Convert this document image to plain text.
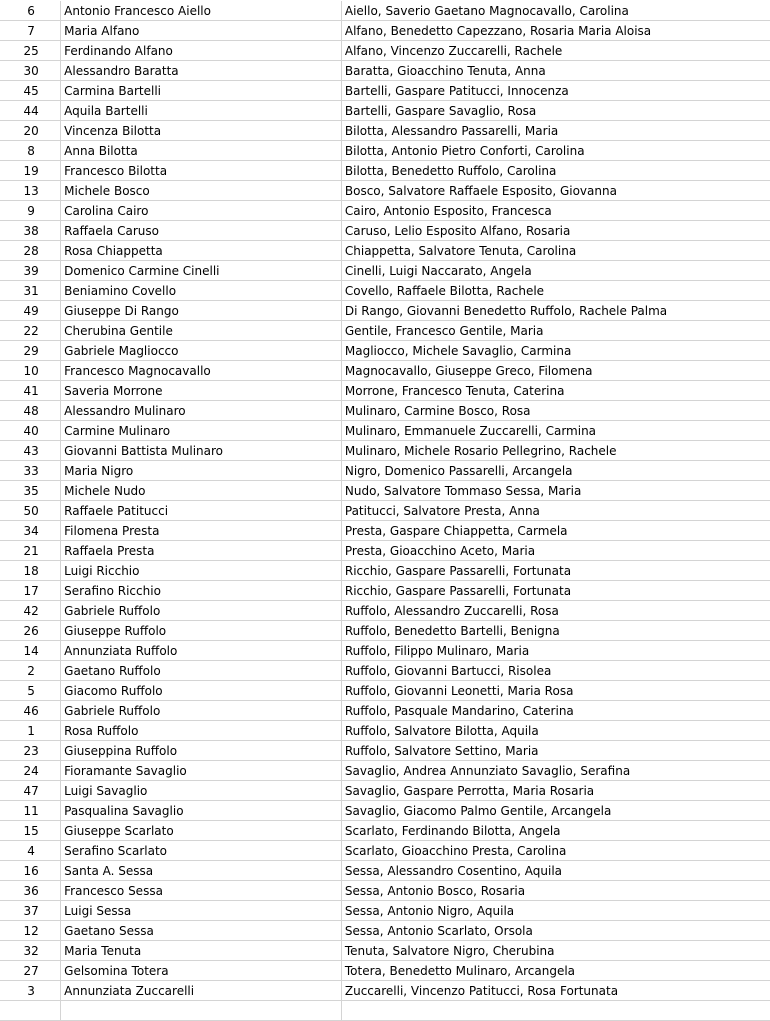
6	Antonio Francesco Aiello	Aiello, Saverio Gaetano Magnocavallo, Carolina
7	Maria Alfano	Alfano, Benedetto Capezzano, Rosaria Maria Aloisa
25	Ferdinando Alfano	Alfano, Vincenzo Zuccarelli, Rachele
30	Alessandro Baratta	Baratta, Gioacchino Tenuta, Anna
45	Carmina Bartelli	Bartelli, Gaspare Patitucci, Innocenza
44	Aquila Bartelli	Bartelli, Gaspare Savaglio, Rosa
20	Vincenza Bilotta	Bilotta, Alessandro Passarelli, Maria
8	Anna Bilotta	Bilotta, Antonio Pietro Conforti, Carolina
19	Francesco Bilotta	Bilotta, Benedetto Ruffolo, Carolina
13	Michele Bosco	Bosco, Salvatore Raffaele Esposito, Giovanna
9	Carolina Cairo	Cairo, Antonio Esposito, Francesca
38	Raffaela Caruso	Caruso, Lelio Esposito Alfano, Rosaria
28	Rosa Chiappetta	Chiappetta, Salvatore Tenuta, Carolina
39	Domenico Carmine Cinelli	Cinelli, Luigi Naccarato, Angela
31	Beniamino Covello	Covello, Raffaele Bilotta, Rachele
49	Giuseppe Di Rango	Di Rango, Giovanni Benedetto Ruffolo, Rachele Palma
22	Cherubina Gentile	Gentile, Francesco Gentile, Maria
29	Gabriele Magliocco	Magliocco, Michele Savaglio, Carmina
10	Francesco Magnocavallo	Magnocavallo, Giuseppe Greco, Filomena
41	Saveria Morrone	Morrone, Francesco Tenuta, Caterina
48	Alessandro Mulinaro	Mulinaro, Carmine Bosco, Rosa
40	Carmine Mulinaro	Mulinaro, Emmanuele Zuccarelli, Carmina
43	Giovanni Battista Mulinaro	Mulinaro, Michele Rosario Pellegrino, Rachele
33	Maria Nigro	Nigro, Domenico Passarelli, Arcangela
35	Michele Nudo	Nudo, Salvatore Tommaso Sessa, Maria
50	Raffaele Patitucci	Patitucci, Salvatore Presta, Anna
34	Filomena Presta	Presta, Gaspare Chiappetta, Carmela
21	Raffaela Presta	Presta, Gioacchino Aceto, Maria
18	Luigi Ricchio	Ricchio, Gaspare Passarelli, Fortunata
17	Serafino Ricchio	Ricchio, Gaspare Passarelli, Fortunata
42	Gabriele Ruffolo	Ruffolo, Alessandro Zuccarelli, Rosa
26	Giuseppe Ruffolo	Ruffolo, Benedetto Bartelli, Benigna
14	Annunziata Ruffolo	Ruffolo, Filippo Mulinaro, Maria
2	Gaetano Ruffolo	Ruffolo, Giovanni Bartucci, Risolea
5	Giacomo Ruffolo	Ruffolo, Giovanni Leonetti, Maria Rosa
46	Gabriele Ruffolo	Ruffolo, Pasquale Mandarino, Caterina
1	Rosa Ruffolo	Ruffolo, Salvatore Bilotta, Aquila
23	Giuseppina Ruffolo	Ruffolo, Salvatore Settino, Maria
24	Fioramante Savaglio	Savaglio, Andrea Annunziato Savaglio, Serafina
47	Luigi Savaglio	Savaglio, Gaspare Perrotta, Maria Rosaria
11	Pasqualina Savaglio	Savaglio, Giacomo Palmo Gentile, Arcangela
15	Giuseppe Scarlato	Scarlato, Ferdinando Bilotta, Angela
4	Serafino Scarlato	Scarlato, Gioacchino Presta, Carolina
16	Santa A. Sessa	Sessa, Alessandro Cosentino, Aquila
36	Francesco Sessa	Sessa, Antonio Bosco, Rosaria
37	Luigi Sessa	Sessa, Antonio Nigro, Aquila
12	Gaetano Sessa	Sessa, Antonio Scarlato, Orsola
32	Maria Tenuta	Tenuta, Salvatore Nigro, Cherubina
27	Gelsomina Totera	Totera, Benedetto Mulinaro, Arcangela
3	Annunziata Zuccarelli	Zuccarelli, Vincenzo Patitucci, Rosa Fortunata
